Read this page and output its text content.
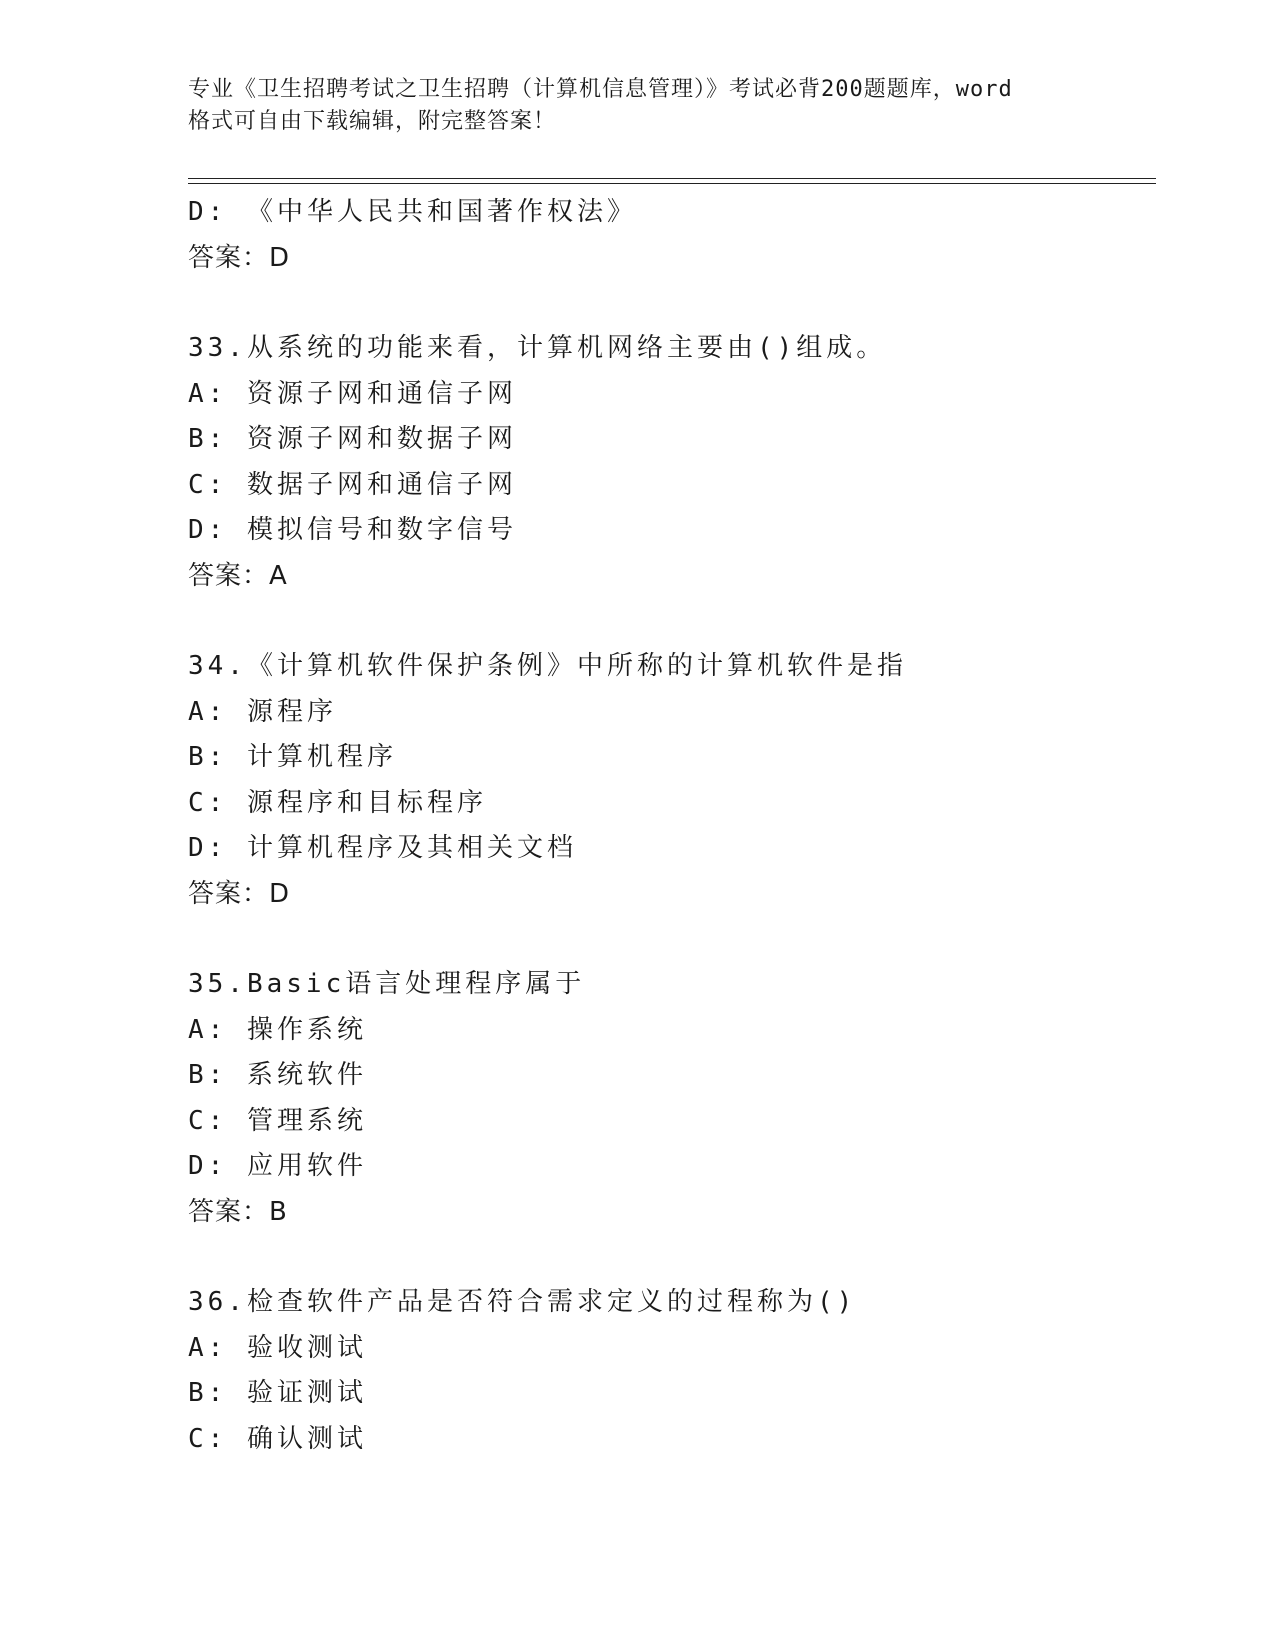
专业《卫生招聘考试之卫生招聘（计算机信息管理）》考试必背200题题库，word
格式可自由下载编辑，附完整答案！
D: 《中华人民共和国著作权法》
答案：D
33.从系统的功能来看，计算机网络主要由()组成。
A: 资源子网和通信子网
B: 资源子网和数据子网
C: 数据子网和通信子网
D: 模拟信号和数字信号
答案：A
34.《计算机软件保护条例》中所称的计算机软件是指
A: 源程序
B: 计算机程序
C: 源程序和目标程序
D: 计算机程序及其相关文档
答案：D
35.Basic语言处理程序属于
A: 操作系统
B: 系统软件
C: 管理系统
D: 应用软件
答案：B
36.检查软件产品是否符合需求定义的过程称为()
A: 验收测试
B: 验证测试
C: 确认测试
